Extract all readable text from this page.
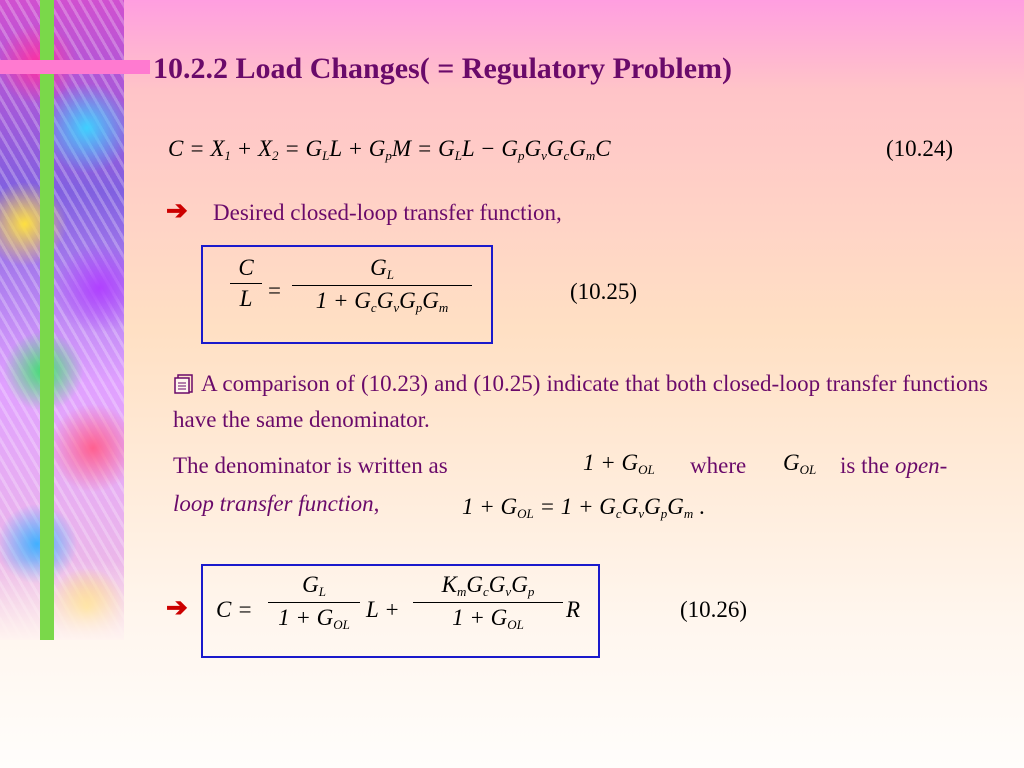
10.2.2 Load Changes( = Regulatory Problem)
$C = X_1 + X_2 = G_LL + G_pM = G_LL - G_pG_vG_cG_mC$	(10.24)
➔ Desired closed-loop transfer function,
C
L =
$G_L$
$1 + G_cG_vG_pG_m$
(10.25)
A comparison of (10.23) and (10.25) indicate that both closed-loop transfer functions have the same denominator.
The denominator is written as	$1 + G_{OL}$ where $G_{OL}$ is the open-
loop transfer function,	$1 + G_{OL} = 1 + G_cG_vG_pG_m$ .
➔ C =
$G_L$
$1 + G_{OL}$
L +
$K_mG_cG_vG_p$
$1 + G_{OL}$
R	(10.26)
